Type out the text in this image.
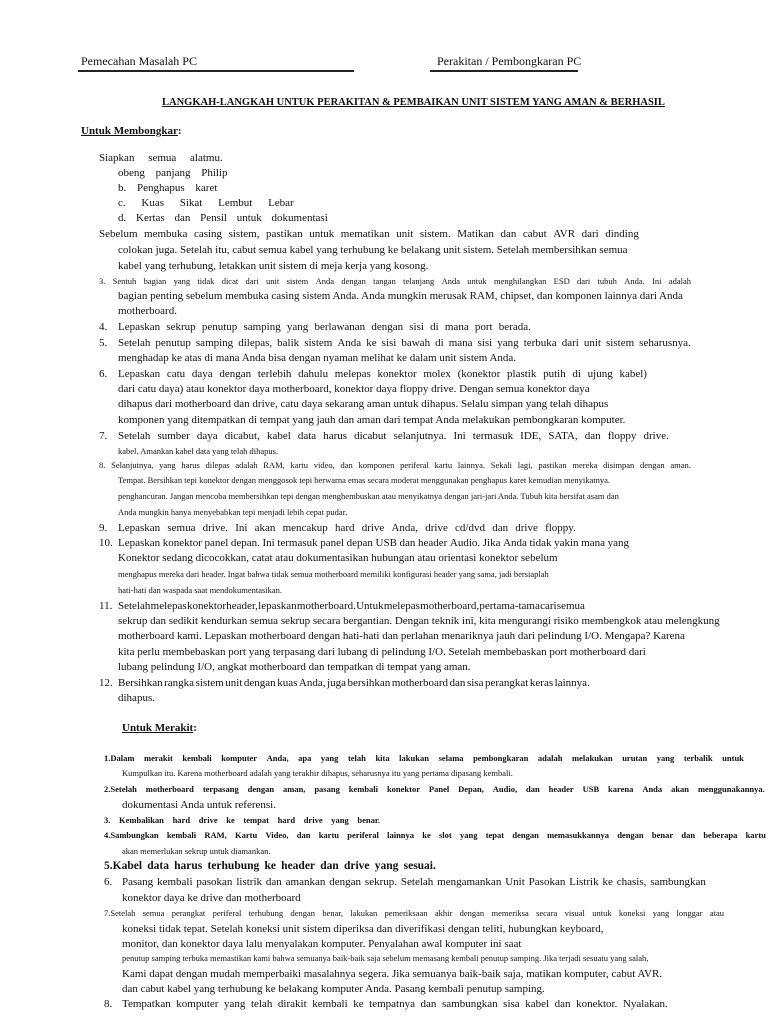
Pemecahan Masalah PC	Perakitan / Pembongkaran PC
LANGKAH-LANGKAH UNTUK PERAKITAN & PEMBAIKAN UNIT SISTEM YANG AMAN & BERHASIL
Untuk Membongkar:
Siapkan semua alatmu.
obeng panjang Philip
b. Penghapus karet
c. Kuas Sikat Lembut Lebar
d. Kertas dan Pensil untuk dokumentasi
Sebelum membuka casing sistem, pastikan untuk mematikan unit sistem. Matikan dan cabut AVR dari dinding
colokan juga. Setelah itu, cabut semua kabel yang terhubung ke belakang unit sistem. Setelah membersihkan semua
kabel yang terhubung, letakkan unit sistem di meja kerja yang kosong.
3. Sentuh bagian yang tidak dicat dari unit sistem Anda dengan tangan telanjang Anda untuk menghilangkan ESD dari tubuh Anda. Ini adalah
bagian penting sebelum membuka casing sistem Anda. Anda mungkin merusak RAM, chipset, dan komponen lainnya dari Anda
motherboard.
4. Lepaskan sekrup penutup samping yang berlawanan dengan sisi di mana port berada.
5. Setelah penutup samping dilepas, balik sistem Anda ke sisi bawah di mana sisi yang terbuka dari unit sistem seharusnya.
menghadap ke atas di mana Anda bisa dengan nyaman melihat ke dalam unit sistem Anda.
6. Lepaskan catu daya dengan terlebih dahulu melepas konektor molex (konektor plastik putih di ujung kabel)
dari catu daya) atau konektor daya motherboard, konektor daya floppy drive. Dengan semua konektor daya
dihapus dari motherboard dan drive, catu daya sekarang aman untuk dihapus. Selalu simpan yang telah dihapus
komponen yang ditempatkan di tempat yang jauh dan aman dari tempat Anda melakukan pembongkaran komputer.
7. Setelah sumber daya dicabut, kabel data harus dicabut selanjutnya. Ini termasuk IDE, SATA, dan floppy drive.
kabel. Amankan kabel data yang telah dihapus.
8. Selanjutnya, yang harus dilepas adalah RAM, kartu video, dan komponen periferal kartu lainnya. Sekali lagi, pastikan mereka disimpan dengan aman.
Tempat. Bersihkan tepi konektor dengan menggosok tepi berwarna emas secara moderat menggunakan penghapus karet kemudian menyikatnya.
penghancuran. Jangan mencoba membersihkan tepi dengan menghembuskan atau menyikatnya dengan jari-jari Anda. Tubuh kita bersifat asam dan
Anda mungkin hanya menyebabkan tepi menjadi lebih cepat pudar.
9. Lepaskan semua drive. Ini akan mencakup hard drive Anda, drive cd/dvd dan drive floppy.
10. Lepaskan konektor panel depan. Ini termasuk panel depan USB dan header Audio. Jika Anda tidak yakin mana yang
Konektor sedang dicocokkan, catat atau dokumentasikan hubungan atau orientasi konektor sebelum
menghapus mereka dari header. Ingat bahwa tidak semua motherboard memiliki konfigurasi header yang sama, jadi bersiaplah
hati-hati dan waspada saat mendokumentasikan.
11. Setelah melepas konektor header, lepaskan motherboard. Untuk melepas motherboard, pertama-tama cari semua
sekrup dan sedikit kendurkan semua sekrup secara bergantian. Dengan teknik ini, kita mengurangi risiko membengkok atau melengkung
motherboard kami. Lepaskan motherboard dengan hati-hati dan perlahan menariknya jauh dari pelindung I/O. Mengapa? Karena
kita perlu membebaskan port yang terpasang dari lubang di pelindung I/O. Setelah membebaskan port motherboard dari
lubang pelindung I/O, angkat motherboard dan tempatkan di tempat yang aman.
12. Bersihkan rangka sistem unit dengan kuas Anda, juga bersihkan motherboard dan sisa perangkat keras lainnya.
dihapus.
Untuk Merakit:
1.Dalam merakit kembali komputer Anda, apa yang telah kita lakukan selama pembongkaran adalah melakukan urutan yang terbalik untuk
Kumpulkan itu. Karena motherboard adalah yang terakhir dihapus, seharusnya itu yang pertama dipasang kembali.
2.Setelah motherboard terpasang dengan aman, pasang kembali konektor Panel Depan, Audio, dan header USB karena Anda akan menggunakannya.
dokumentasi Anda untuk referensi.
3. Kembalikan hard drive ke tempat hard drive yang benar.
4.Sambungkan kembali RAM, Kartu Video, dan kartu periferal lainnya ke slot yang tepat dengan memasukkannya dengan benar dan beberapa kartu
akan memerlukan sekrup untuk diamankan.
5.Kabel data harus terhubung ke header dan drive yang sesuai.
6. Pasang kembali pasokan listrik dan amankan dengan sekrup. Setelah mengamankan Unit Pasokan Listrik ke chasis, sambungkan
konektor daya ke drive dan motherboard
7.Setelah semua perangkat periferal terhubung dengan benar, lakukan pemeriksaan akhir dengan memeriksa secara visual untuk koneksi yang longgar atau
koneksi tidak tepat. Setelah koneksi unit sistem diperiksa dan diverifikasi dengan teliti, hubungkan keyboard,
monitor, dan konektor daya lalu menyalakan komputer. Penyalahan awal komputer ini saat
penutup samping terbuka memastikan kami bahwa semuanya baik-baik saja sebelum memasang kembali penutup samping. Jika terjadi sesuatu yang salah,
Kami dapat dengan mudah memperbaiki masalahnya segera. Jika semuanya baik-baik saja, matikan komputer, cabut AVR.
dan cabut kabel yang terhubung ke belakang komputer Anda. Pasang kembali penutup samping.
8. Tempatkan komputer yang telah dirakit kembali ke tempatnya dan sambungkan sisa kabel dan konektor. Nyalakan.
